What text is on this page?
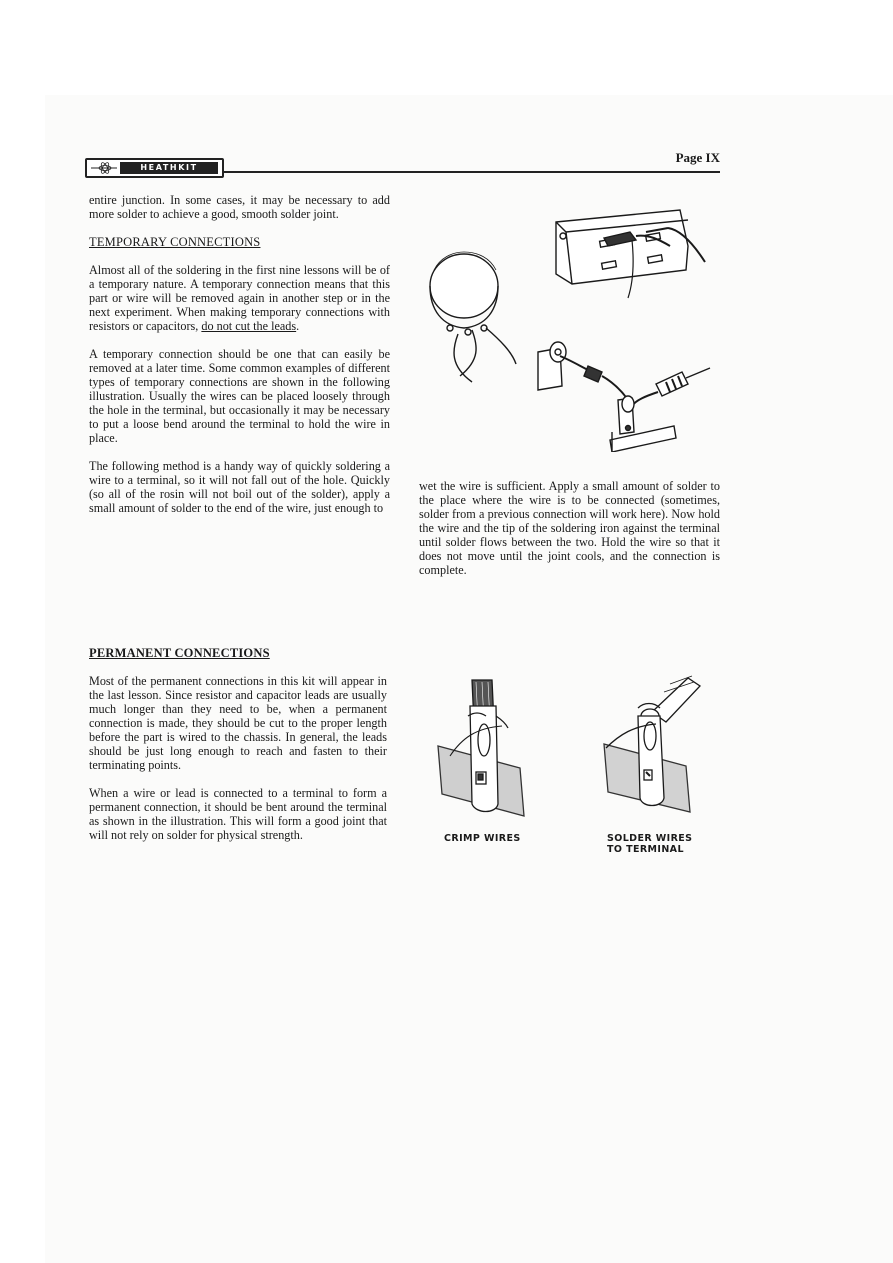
HEATHKIT
Page IX

entire junction. In some cases, it may be necessary to add more solder to achieve a good, smooth solder joint.

TEMPORARY CONNECTIONS

Almost all of the soldering in the first nine lessons will be of a temporary nature. A temporary connection means that this part or wire will be removed again in another step or in the next experiment. When making temporary connections with resistors or capacitors, do not cut the leads.

A temporary connection should be one that can easily be removed at a later time. Some common examples of different types of temporary connections are shown in the following illustration. Usually the wires can be placed loosely through the hole in the terminal, but occasionally it may be necessary to put a loose bend around the terminal to hold the wire in place.

The following method is a handy way of quickly soldering a wire to a terminal, so it will not fall out of the hole. Quickly (so all of the rosin will not boil out of the solder), apply a small amount of solder to the end of the wire, just enough to

wet the wire is sufficient. Apply a small amount of solder to the place where the wire is to be connected (sometimes, solder from a previous connection will work here). Now hold the wire and the tip of the soldering iron against the terminal until solder flows between the two. Hold the wire so that it does not move until the joint cools, and the connection is complete.

PERMANENT CONNECTIONS

Most of the permanent connections in this kit will appear in the last lesson. Since resistor and capacitor leads are usually much longer than they need to be, when a permanent connection is made, they should be cut to the proper length before the part is wired to the chassis. In general, the leads should be just long enough to reach and fasten to their terminating points.

When a wire or lead is connected to a terminal to form a permanent connection, it should be bent around the terminal as shown in the illustration. This will form a good joint that will not rely on solder for physical strength.	CRIMP WIRES	SOLDER WIRES
TO TERMINAL
